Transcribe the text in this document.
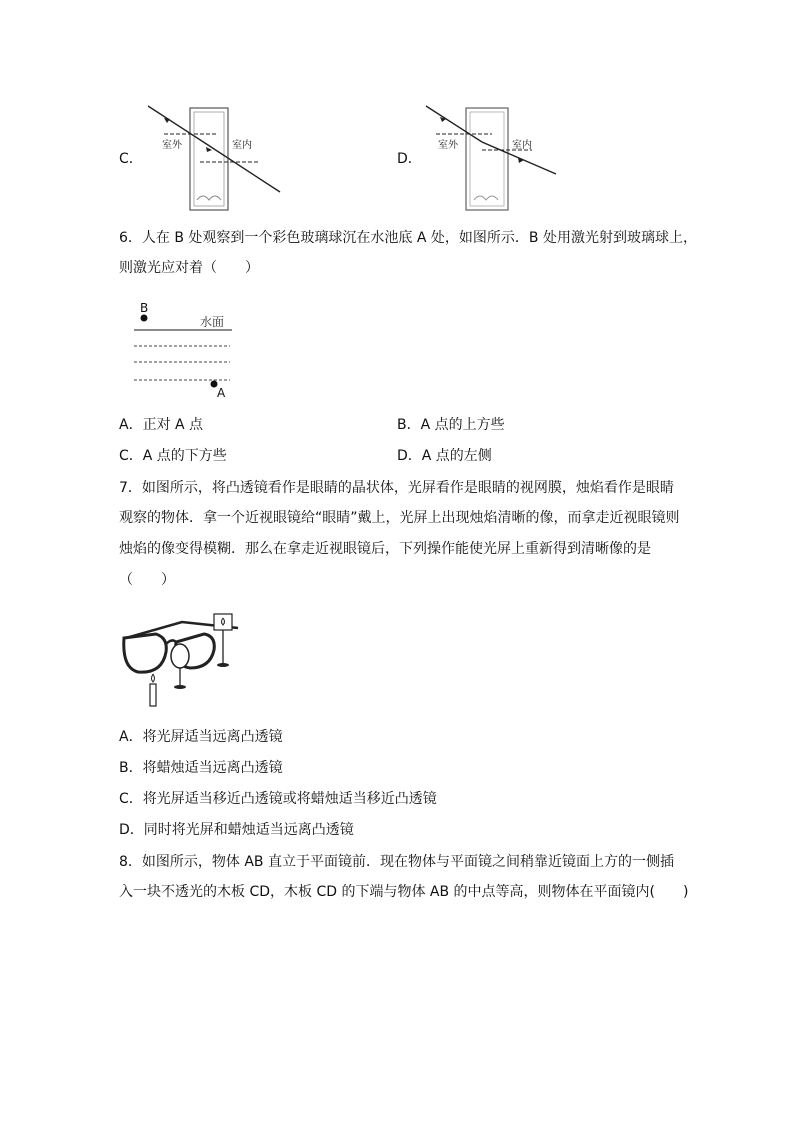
C．
室外	室内
D．
室外	室内
6．人在 B 处观察到一个彩色玻璃球沉在水池底 A 处，如图所示．B 处用激光射到玻璃球上，
则激光应对着（　　）
B
水面
A
A．正对 A 点	B．A 点的上方些
C．A 点的下方些	D．A 点的左侧
7．如图所示，将凸透镜看作是眼睛的晶状体，光屏看作是眼睛的视网膜，烛焰看作是眼睛
观察的物体．拿一个近视眼镜给“眼睛”戴上，光屏上出现烛焰清晰的像，而拿走近视眼镜则
烛焰的像变得模糊．那么在拿走近视眼镜后，下列操作能使光屏上重新得到清晰像的是
（　　）
A．将光屏适当远离凸透镜
B．将蜡烛适当远离凸透镜
C．将光屏适当移近凸透镜或将蜡烛适当移近凸透镜
D．同时将光屏和蜡烛适当远离凸透镜
8．如图所示，物体 AB 直立于平面镜前．现在物体与平面镜之间稍靠近镜面上方的一侧插
入一块不透光的木板 CD，木板 CD 的下端与物体 AB 的中点等高，则物体在平面镜内(　　)
